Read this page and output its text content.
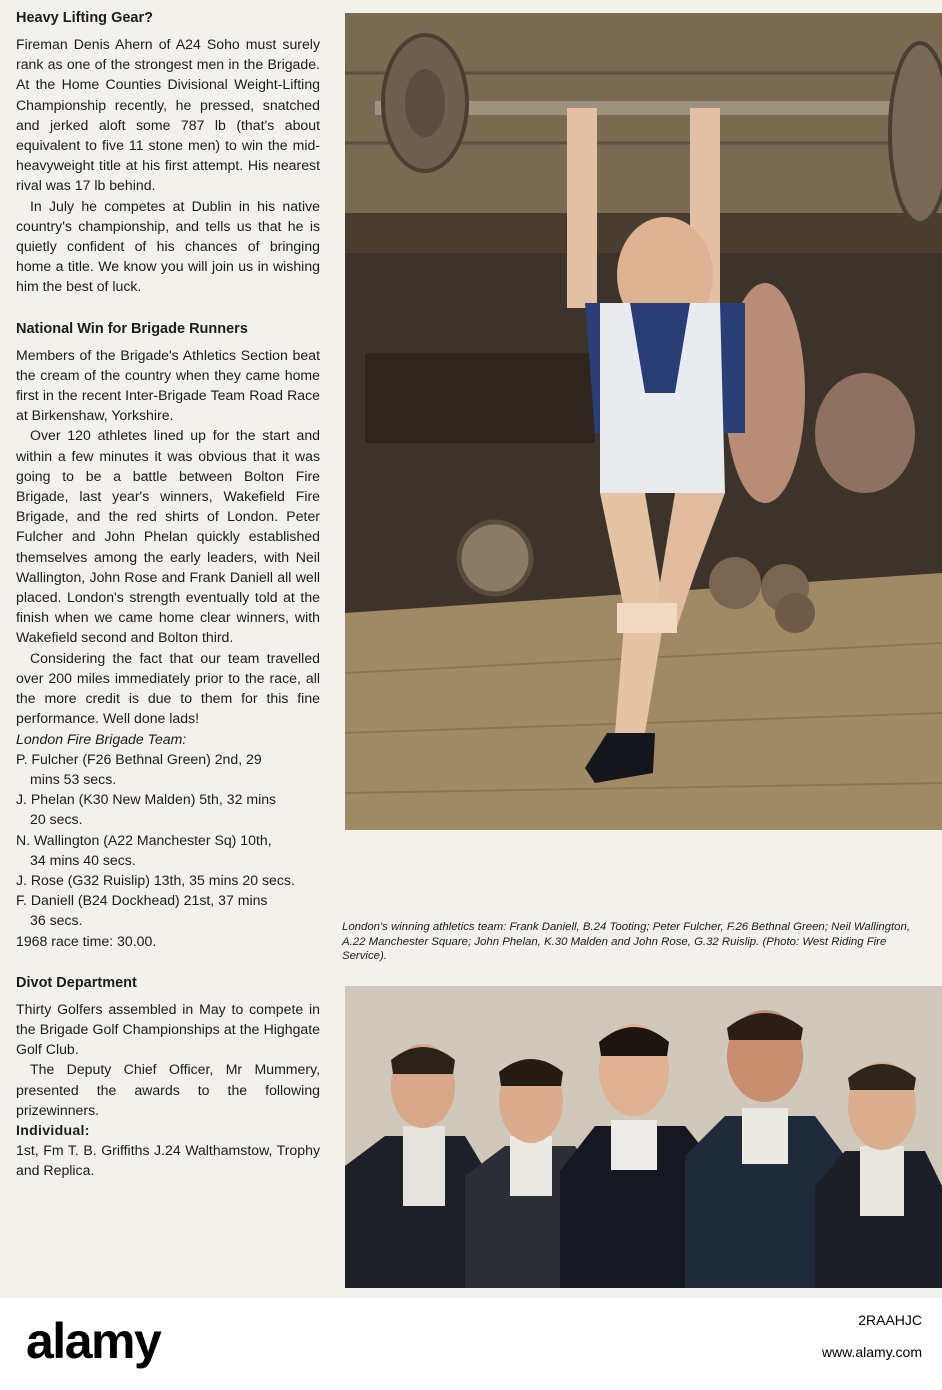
Heavy Lifting Gear?

Fireman Denis Ahern of A24 Soho must surely rank as one of the strongest men in the Brigade. At the Home Counties Divisional Weight-Lifting Championship recently, he pressed, snatched and jerked aloft some 787 lb (that's about equivalent to five 11 stone men) to win the mid-heavyweight title at his first attempt. His nearest rival was 17 lb behind.

In July he competes at Dublin in his native country's championship, and tells us that he is quietly confident of his chances of bringing home a title. We know you will join us in wishing him the best of luck.

National Win for Brigade Runners

Members of the Brigade's Athletics Section beat the cream of the country when they came home first in the recent Inter-Brigade Team Road Race at Birkenshaw, Yorkshire.

Over 120 athletes lined up for the start and within a few minutes it was obvious that it was going to be a battle between Bolton Fire Brigade, last year's winners, Wakefield Fire Brigade, and the red shirts of London. Peter Fulcher and John Phelan quickly established themselves among the early leaders, with Neil Wallington, John Rose and Frank Daniell all well placed. London's strength eventually told at the finish when we came home clear winners, with Wakefield second and Bolton third.

Considering the fact that our team travelled over 200 miles immediately prior to the race, all the more credit is due to them for this fine performance. Well done lads!

London Fire Brigade Team:

P. Fulcher (F26 Bethnal Green) 2nd, 29
mins 53 secs.

J. Phelan (K30 New Malden) 5th, 32 mins
20 secs.

N. Wallington (A22 Manchester Sq) 10th,
34 mins 40 secs.

J. Rose (G32 Ruislip) 13th, 35 mins 20 secs.

F. Daniell (B24 Dockhead) 21st, 37 mins
36 secs.

1968 race time: 30.00.

Divot Department

Thirty Golfers assembled in May to compete in the Brigade Golf Championships at the Highgate Golf Club.

The Deputy Chief Officer, Mr Mummery, presented the awards to the following prizewinners.

Individual:

1st, Fm T. B. Griffiths J.24 Walthamstow, Trophy and Replica.

London's winning athletics team: Frank Daniell, B.24 Tooting; Peter Fulcher, F.26 Bethnal Green; Neil Wallington, A.22 Manchester Square; John Phelan, K.30 Malden and John Rose, G.32 Ruislip. (Photo: West Riding Fire Service).
alamy	2RAAHJC
www.alamy.com
